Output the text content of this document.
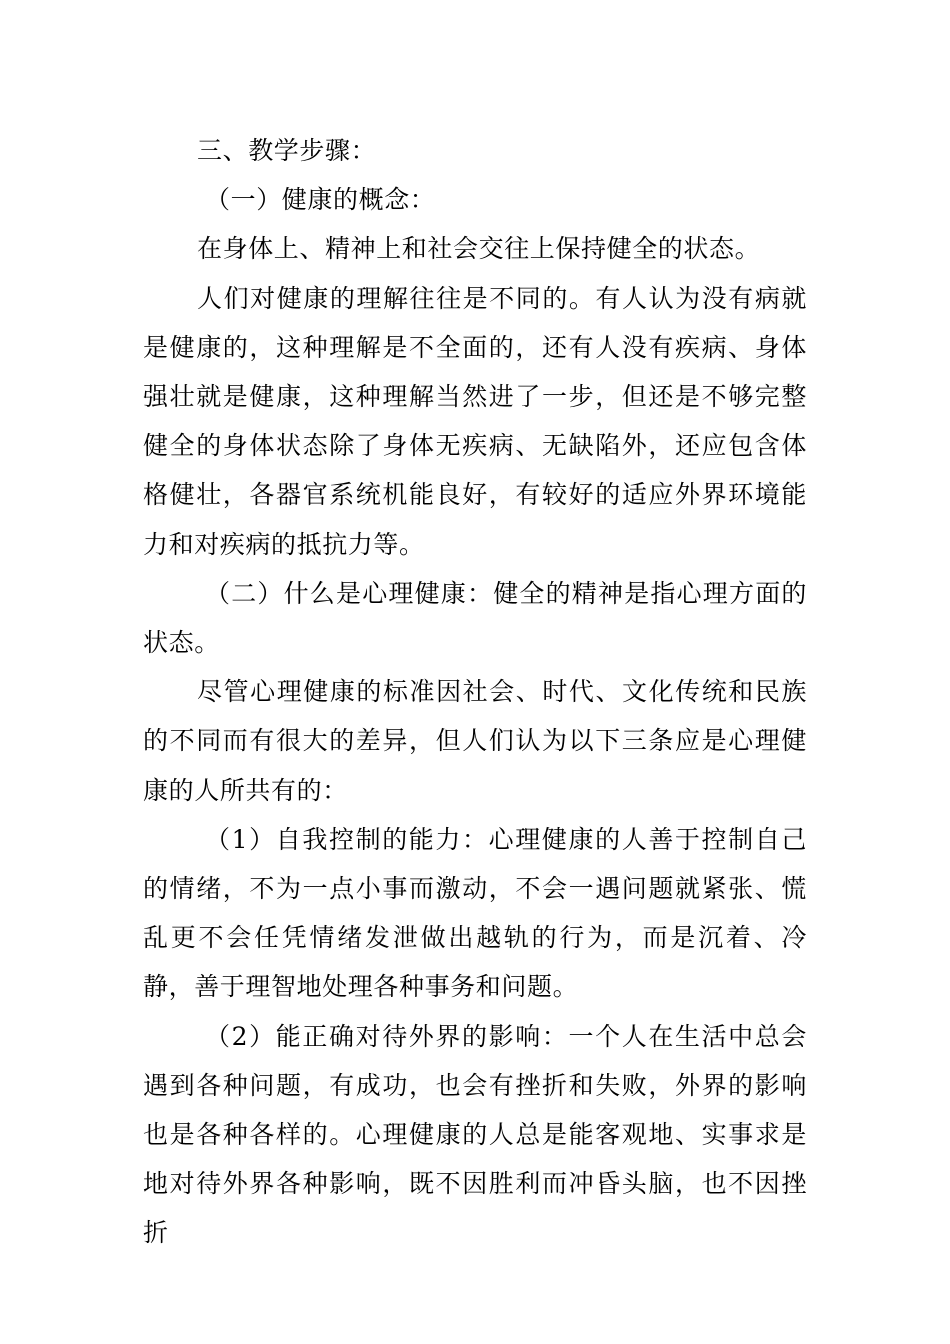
三、教学步骤：

（一）健康的概念：

在身体上、精神上和社会交往上保持健全的状态。

人们对健康的理解往往是不同的。有人认为没有病就是健康的，这种理解是不全面的，还有人没有疾病、身体强壮就是健康，这种理解当然进了一步，但还是不够完整健全的身体状态除了身体无疾病、无缺陷外，还应包含体格健壮，各器官系统机能良好，有较好的适应外界环境能力和对疾病的抵抗力等。

（二）什么是心理健康：健全的精神是指心理方面的状态。

尽管心理健康的标准因社会、时代、文化传统和民族的不同而有很大的差异，但人们认为以下三条应是心理健康的人所共有的：

（1）自我控制的能力：心理健康的人善于控制自己的情绪，不为一点小事而激动，不会一遇问题就紧张、慌乱更不会任凭情绪发泄做出越轨的行为，而是沉着、冷静，善于理智地处理各种事务和问题。

（2）能正确对待外界的影响：一个人在生活中总会遇到各种问题，有成功，也会有挫折和失败，外界的影响也是各种各样的。心理健康的人总是能客观地、实事求是地对待外界各种影响，既不因胜利而冲昏头脑，也不因挫折
